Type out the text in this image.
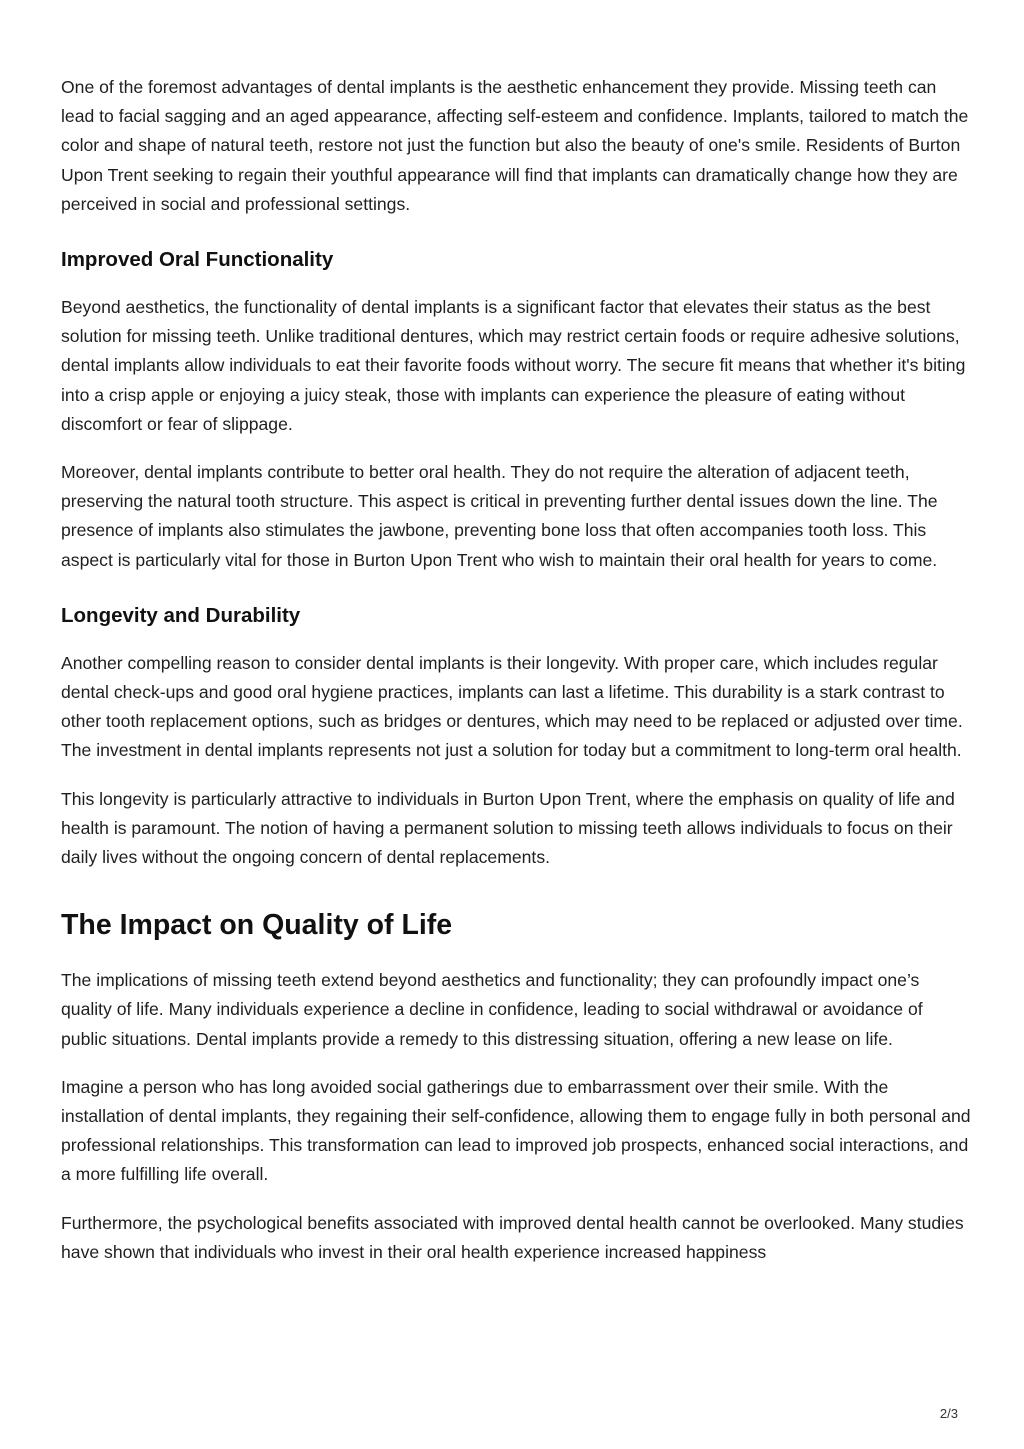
One of the foremost advantages of dental implants is the aesthetic enhancement they provide. Missing teeth can lead to facial sagging and an aged appearance, affecting self-esteem and confidence. Implants, tailored to match the color and shape of natural teeth, restore not just the function but also the beauty of one's smile. Residents of Burton Upon Trent seeking to regain their youthful appearance will find that implants can dramatically change how they are perceived in social and professional settings.

Improved Oral Functionality

Beyond aesthetics, the functionality of dental implants is a significant factor that elevates their status as the best solution for missing teeth. Unlike traditional dentures, which may restrict certain foods or require adhesive solutions, dental implants allow individuals to eat their favorite foods without worry. The secure fit means that whether it's biting into a crisp apple or enjoying a juicy steak, those with implants can experience the pleasure of eating without discomfort or fear of slippage.

Moreover, dental implants contribute to better oral health. They do not require the alteration of adjacent teeth, preserving the natural tooth structure. This aspect is critical in preventing further dental issues down the line. The presence of implants also stimulates the jawbone, preventing bone loss that often accompanies tooth loss. This aspect is particularly vital for those in Burton Upon Trent who wish to maintain their oral health for years to come.

Longevity and Durability

Another compelling reason to consider dental implants is their longevity. With proper care, which includes regular dental check-ups and good oral hygiene practices, implants can last a lifetime. This durability is a stark contrast to other tooth replacement options, such as bridges or dentures, which may need to be replaced or adjusted over time. The investment in dental implants represents not just a solution for today but a commitment to long-term oral health.

This longevity is particularly attractive to individuals in Burton Upon Trent, where the emphasis on quality of life and health is paramount. The notion of having a permanent solution to missing teeth allows individuals to focus on their daily lives without the ongoing concern of dental replacements.

The Impact on Quality of Life

The implications of missing teeth extend beyond aesthetics and functionality; they can profoundly impact one’s quality of life. Many individuals experience a decline in confidence, leading to social withdrawal or avoidance of public situations. Dental implants provide a remedy to this distressing situation, offering a new lease on life.

Imagine a person who has long avoided social gatherings due to embarrassment over their smile. With the installation of dental implants, they regaining their self-confidence, allowing them to engage fully in both personal and professional relationships. This transformation can lead to improved job prospects, enhanced social interactions, and a more fulfilling life overall.

Furthermore, the psychological benefits associated with improved dental health cannot be overlooked. Many studies have shown that individuals who invest in their oral health experience increased happiness

2/3
